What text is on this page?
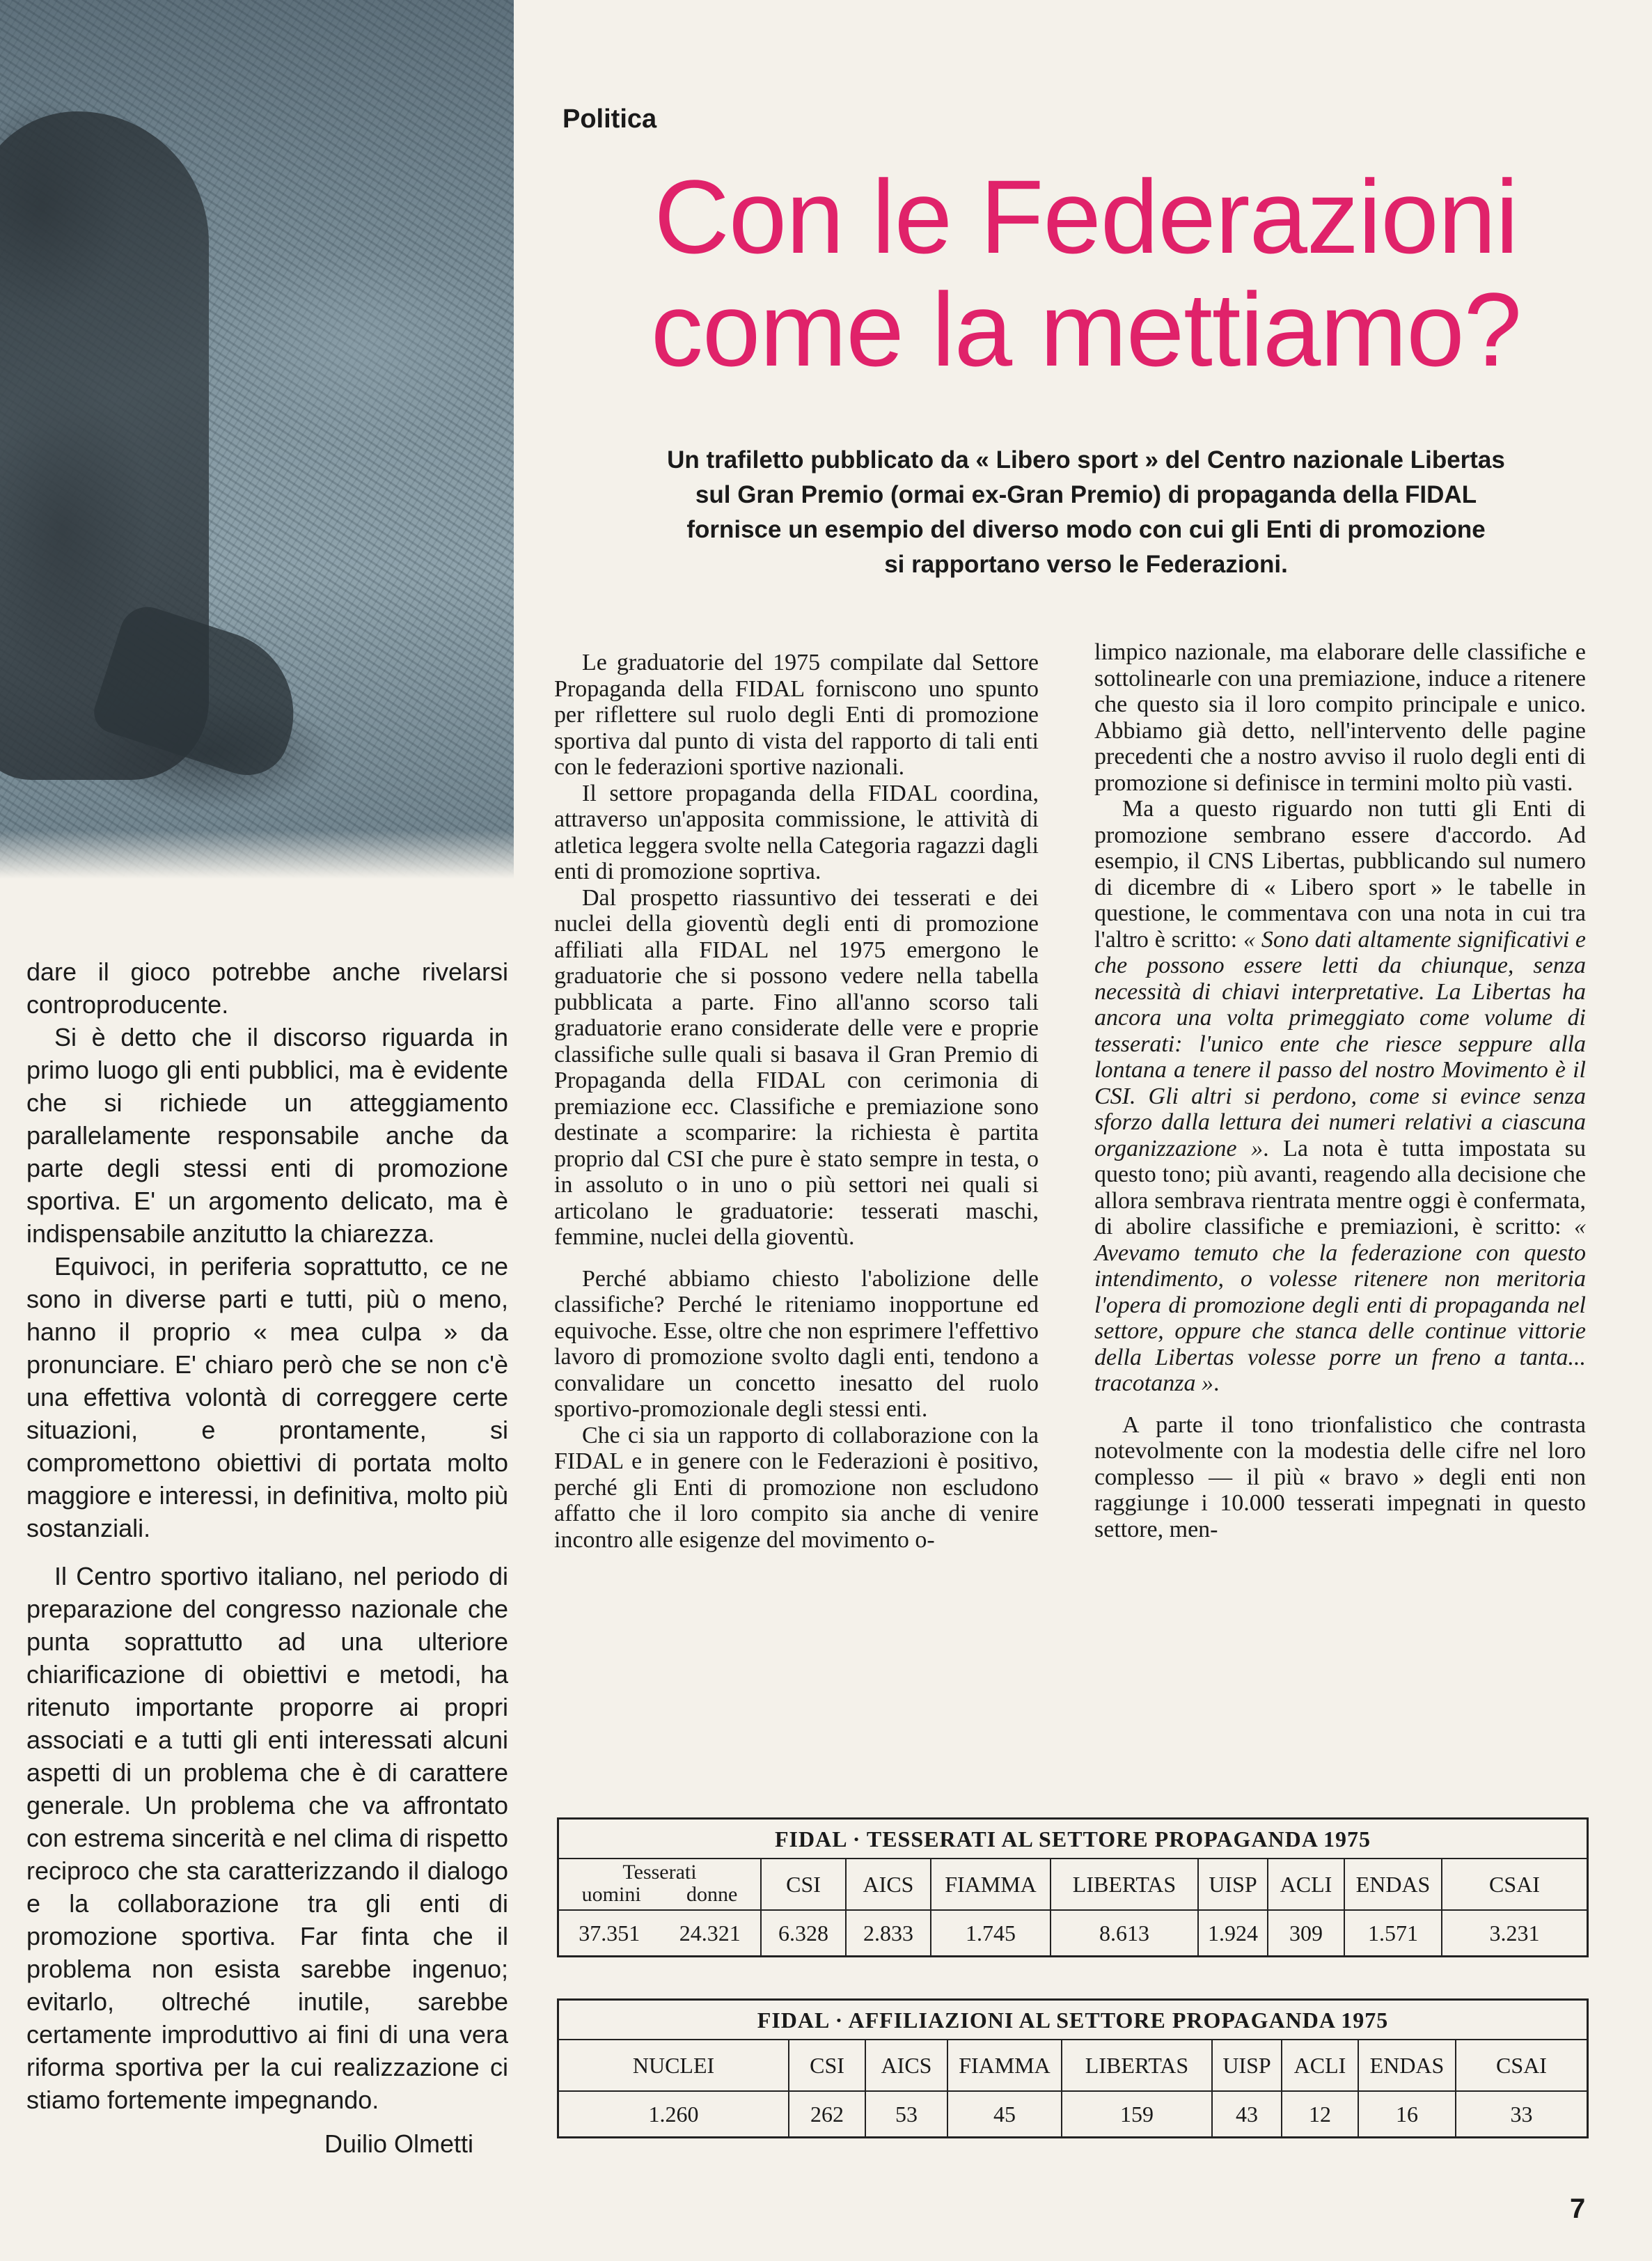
Politica
Con le Federazioni
come la mettiamo?
Un trafiletto pubblicato da « Libero sport » del Centro nazionale Libertas
sul Gran Premio (ormai ex-Gran Premio) di propaganda della FIDAL
fornisce un esempio del diverso modo con cui gli Enti di promozione
si rapportano verso le Federazioni.

dare il gioco potrebbe anche rivelarsi controproducente.

Si è detto che il discorso riguarda in primo luogo gli enti pubblici, ma è evidente che si richiede un atteggiamento parallelamente responsabile anche da parte degli stessi enti di promozione sportiva. E' un argomento delicato, ma è indispensabile anzitutto la chiarezza.

Equivoci, in periferia soprattutto, ce ne sono in diverse parti e tutti, più o meno, hanno il proprio « mea culpa » da pronunciare. E' chiaro però che se non c'è una effettiva volontà di correggere certe situazioni, e prontamente, si compromettono obiettivi di portata molto maggiore e interessi, in definitiva, molto più sostanziali.

Il Centro sportivo italiano, nel periodo di preparazione del congresso nazionale che punta soprattutto ad una ulteriore chiarificazione di obiettivi e metodi, ha ritenuto importante proporre ai propri associati e a tutti gli enti interessati alcuni aspetti di un problema che è di carattere generale. Un problema che va affrontato con estrema sincerità e nel clima di rispetto reciproco che sta caratterizzando il dialogo e la collaborazione tra gli enti di promozione sportiva. Far finta che il problema non esista sarebbe ingenuo; evitarlo, oltreché inutile, sarebbe certamente improduttivo ai fini di una vera riforma sportiva per la cui realizzazione ci stiamo fortemente impegnando.

Duilio Olmetti

Le graduatorie del 1975 compilate dal Settore Propaganda della FIDAL forniscono uno spunto per riflettere sul ruolo degli Enti di promozione sportiva dal punto di vista del rapporto di tali enti con le federazioni sportive nazionali.

Il settore propaganda della FIDAL coordina, attraverso un'apposita commissione, le attività di atletica leggera svolte nella Categoria ragazzi dagli enti di promozione soprtiva.

Dal prospetto riassuntivo dei tesserati e dei nuclei della gioventù degli enti di promozione affiliati alla FIDAL nel 1975 emergono le graduatorie che si possono vedere nella tabella pubblicata a parte. Fino all'anno scorso tali graduatorie erano considerate delle vere e proprie classifiche sulle quali si basava il Gran Premio di Propaganda della FIDAL con cerimonia di premiazione ecc. Classifiche e premiazione sono destinate a scomparire: la richiesta è partita proprio dal CSI che pure è stato sempre in testa, o in assoluto o in uno o più settori nei quali si articolano le graduatorie: tesserati maschi, femmine, nuclei della gioventù.

Perché abbiamo chiesto l'abolizione delle classifiche? Perché le riteniamo inopportune ed equivoche. Esse, oltre che non esprimere l'effettivo lavoro di promozione svolto dagli enti, tendono a convalidare un concetto inesatto del ruolo sportivo-promozionale degli stessi enti.

Che ci sia un rapporto di collaborazione con la FIDAL e in genere con le Federazioni è positivo, perché gli Enti di promozione non escludono affatto che il loro compito sia anche di venire incontro alle esigenze del movimento o-

limpico nazionale, ma elaborare delle classifiche e sottolinearle con una premiazione, induce a ritenere che questo sia il loro compito principale e unico. Abbiamo già detto, nell'intervento delle pagine precedenti che a nostro avviso il ruolo degli enti di promozione si definisce in termini molto più vasti.

Ma a questo riguardo non tutti gli Enti di promozione sembrano essere d'accordo. Ad esempio, il CNS Libertas, pubblicando sul numero di dicembre di « Libero sport » le tabelle in questione, le commentava con una nota in cui tra l'altro è scritto: « Sono dati altamente significativi e che possono essere letti da chiunque, senza necessità di chiavi interpretative. La Libertas ha ancora una volta primeggiato come volume di tesserati: l'unico ente che riesce seppure alla lontana a tenere il passo del nostro Movimento è il CSI. Gli altri si perdono, come si evince senza sforzo dalla lettura dei numeri relativi a ciascuna organizzazione ». La nota è tutta impostata su questo tono; più avanti, reagendo alla decisione che allora sembrava rientrata mentre oggi è confermata, di abolire classifiche e premiazioni, è scritto: « Avevamo temuto che la federazione con questo intendimento, o volesse ritenere non meritoria l'opera di promozione degli enti di propaganda nel settore, oppure che stanca delle continue vittorie della Libertas volesse porre un freno a tanta... tracotanza ».

A parte il tono trionfalistico che contrasta notevolmente con la modestia delle cifre nel loro complesso — il più « bravo » degli enti non raggiunge i 10.000 tesserati impegnati in questo settore, men-

FIDAL · TESSERATI AL SETTORE PROPAGANDA 1975
Tesserati
uomini donne	CSI	AICS	FIAMMA	LIBERTAS	UISP	ACLI	ENDAS	CSAI

37.351 24.321	6.328	2.833	1.745	8.613	1.924	309	1.571	3.231
FIDAL · AFFILIAZIONI AL SETTORE PROPAGANDA 1975
NUCLEI	CSI	AICS	FIAMMA	LIBERTAS	UISP	ACLI	ENDAS	CSAI
1.260	262	53	45	159	43	12	16	33
7
